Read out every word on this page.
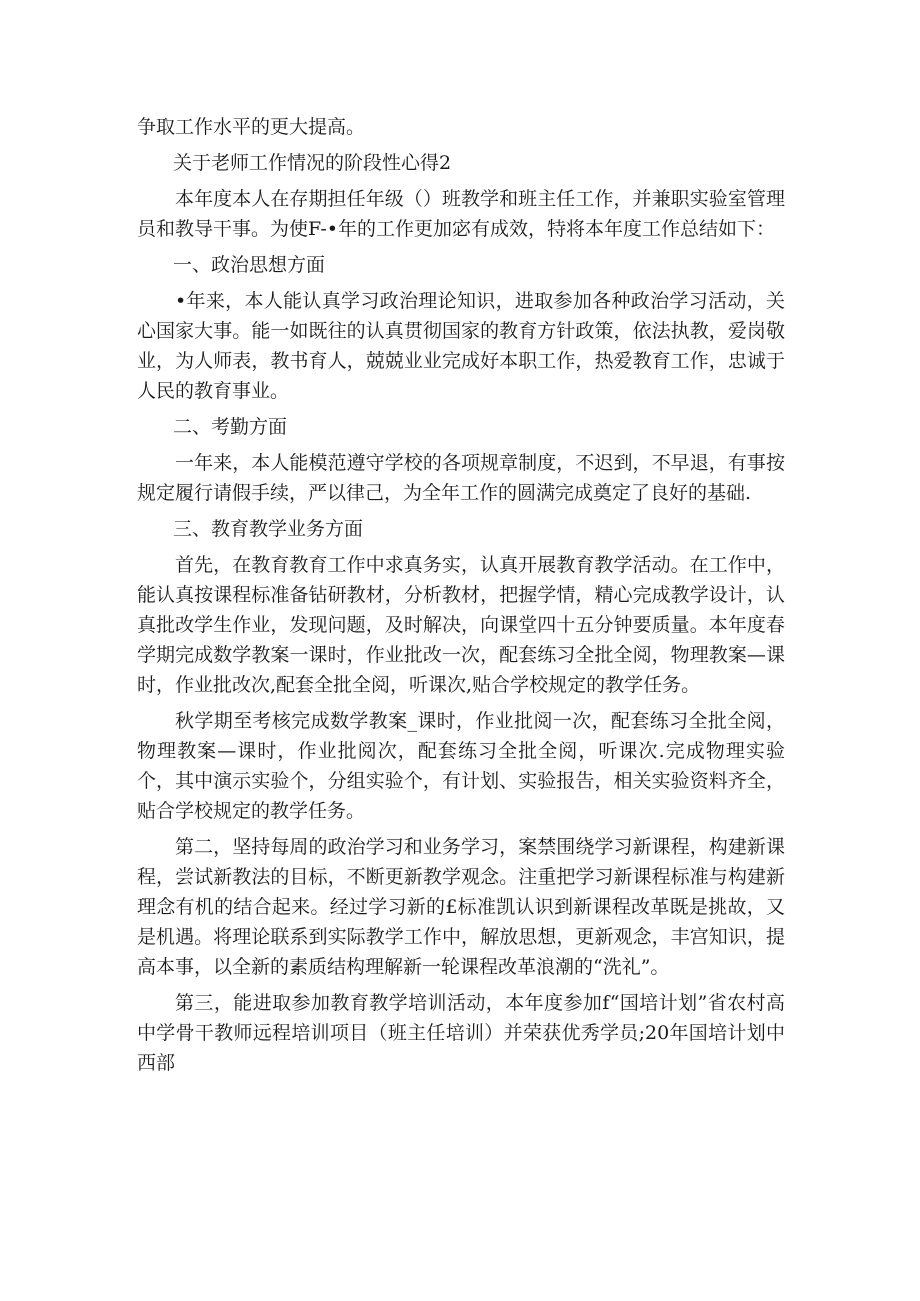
争取工作水平的更大提高。

关于老师工作情况的阶段性心得2

本年度本人在存期担任年级（）班教学和班主任工作，并兼职实验室管理员和教导干事。为使F-•年的工作更加宓有成效，特将本年度工作总结如下：

一、政治思想方面

•年来，本人能认真学习政治理论知识，进取参加各种政治学习活动，关心国家大事。能一如既往的认真贯彻国家的教育方针政策，依法执教，爱岗敬业，为人师表，教书育人，兢兢业业完成好本职工作，热爱教育工作，忠诚于人民的教育事业。

二、考勤方面

一年来，本人能模范遵守学校的各项规章制度，不迟到，不早退，有事按规定履行请假手续，严以律己，为全年工作的圆满完成奠定了良好的基础.

三、教育教学业务方面

首先，在教育教育工作中求真务实，认真开展教育教学活动。在工作中，能认真按课程标准备钻研教材，分析教材，把握学情，精心完成教学设计，认真批改学生作业，发现问题，及时解决，向课堂四十五分钟要质量。本年度春学期完成数学教案一课时，作业批改一次，配套练习全批全阅，物理教案—课时，作业批改次,配套全批全阅，听课次,贴合学校规定的教学任务。

秋学期至考核完成数学教案_课时，作业批阅一次，配套练习全批全阅，物理教案—课时，作业批阅次，配套练习全批全阅，听课次.完成物理实验个，其中演示实验个，分组实验个，有计划、实验报告，相关实验资料齐全，贴合学校规定的教学任务。

第二，坚持每周的政治学习和业务学习，案禁围绕学习新课程，构建新课程，尝试新教法的目标，不断更新教学观念。注重把学习新课程标准与构建新理念有机的结合起来。经过学习新的£标准凯认识到新课程改革既是挑故，又是机遇。将理论联系到实际教学工作中，解放思想，更新观念，丰宫知识，提高本事，以全新的素质结构理解新一轮课程改革浪潮的“洗礼”。

第三，能进取参加教育教学培训活动，本年度参加f“国培计划”省农村高中学骨干教师远程培训项目（班主任培训）并荣获优秀学员;20年国培计划中西部
